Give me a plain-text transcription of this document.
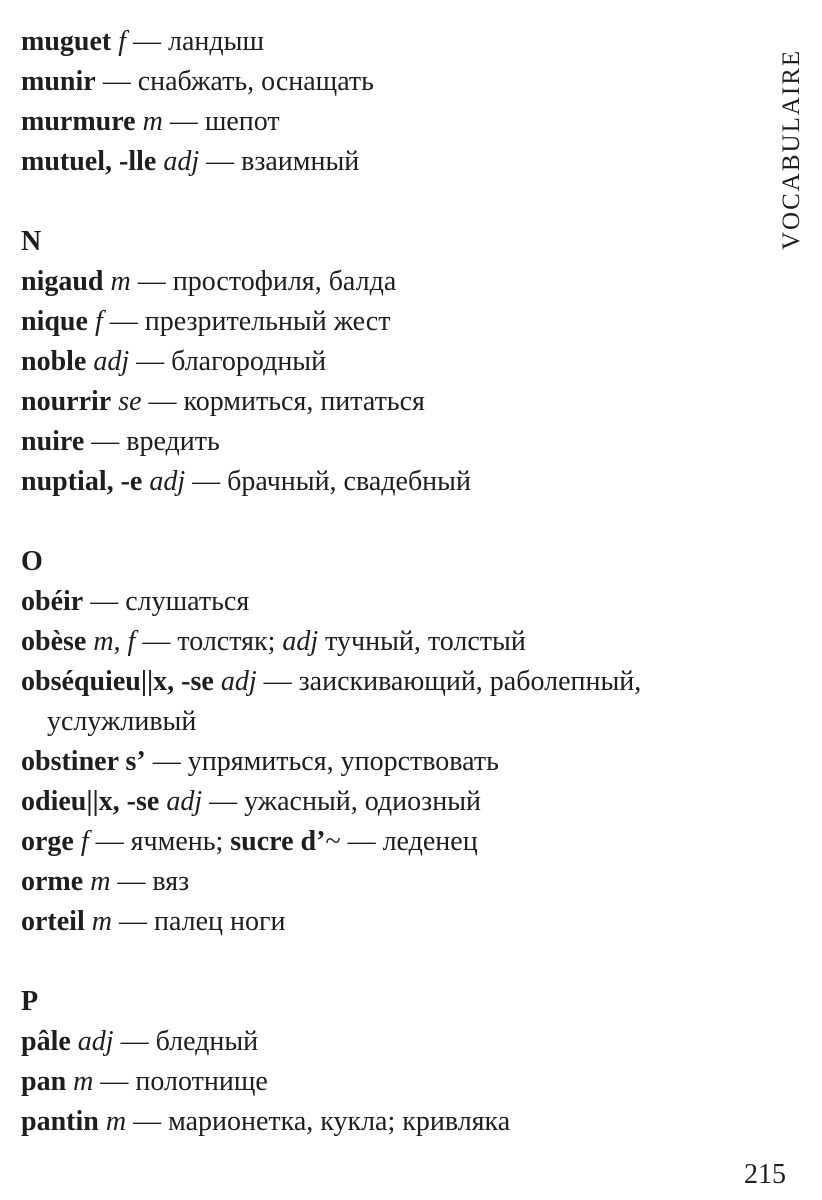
VOCABULAIRE
muguet f — ландыш
munir — снабжать, оснащать
murmure m — шепот
mutuel, -lle adj — взаимный
N
nigaud m — простофиля, балда
nique f — презрительный жест
noble adj — благородный
nourrir se — кормиться, питаться
nuire — вредить
nuptial, -e adj — брачный, свадебный
O
obéir — слушаться
obèse m, f — толстяк; adj тучный, толстый
obséquieu||x, -se adj — заискивающий, раболепный,
услужливый
obstiner s’ — упрямиться, упорствовать
odieu||x, -se adj — ужасный, одиозный
orge f — ячмень; sucre d’~ — леденец
orme m — вяз
orteil m — палец ноги
P
pâle adj — бледный
pan m — полотнище
pantin m — марионетка, кукла; кривляка
215
